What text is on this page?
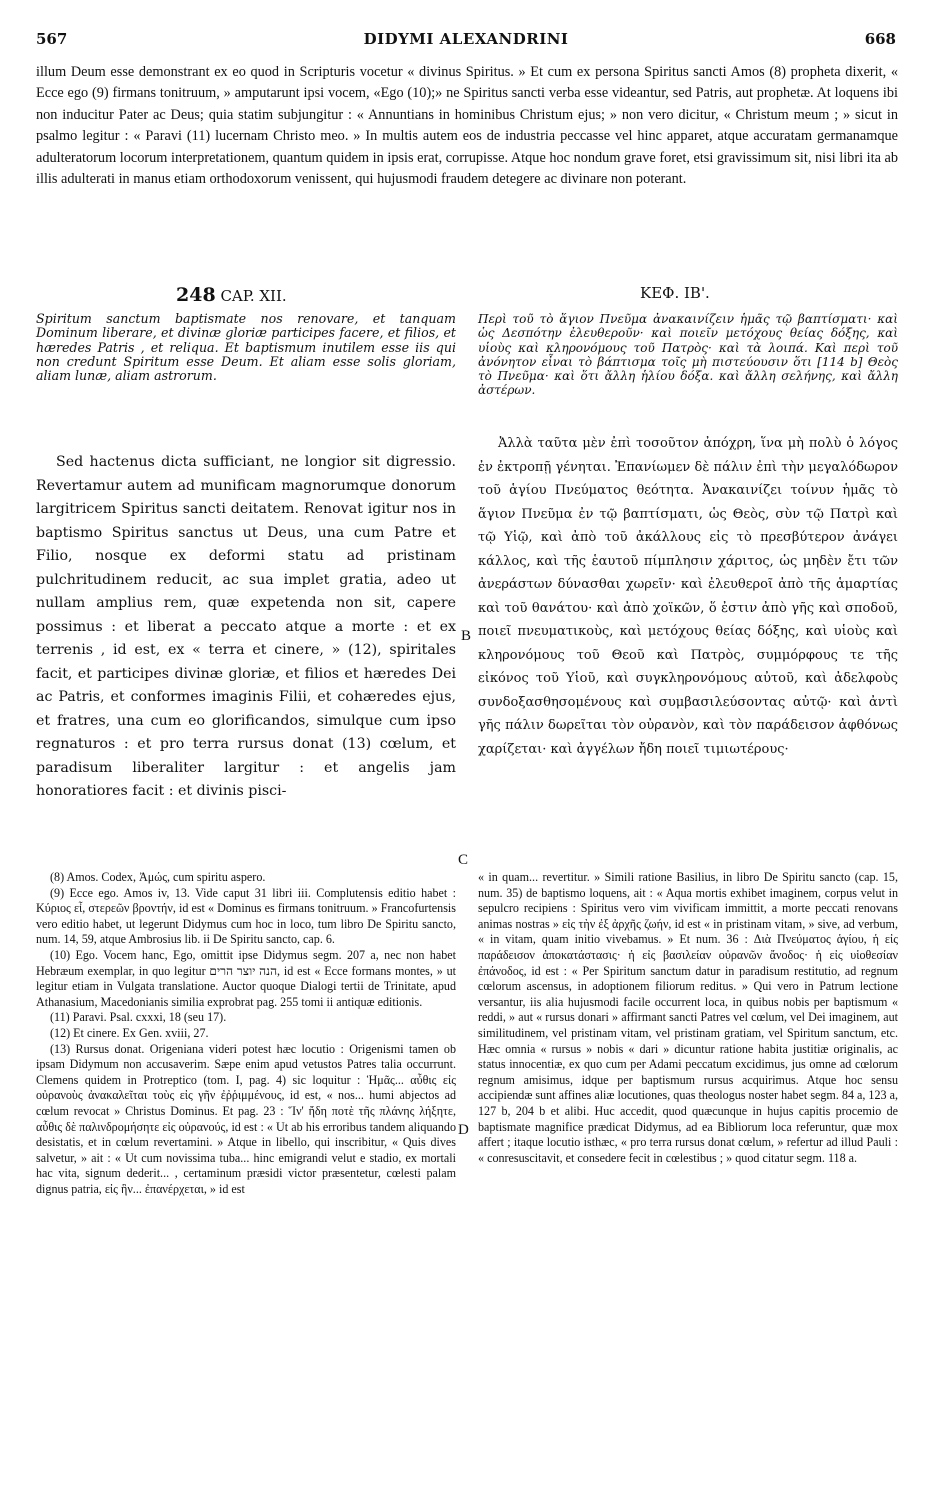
567	DIDYMI ALEXANDRINI	668

illum Deum esse demonstrant ex eo quod in Scripturis vocetur « divinus Spiritus. » Et cum ex persona Spiritus sancti Amos (8) propheta dixerit, « Ecce ego (9) firmans tonitruum, » amputarunt ipsi vocem, «Ego (10);» ne Spiritus sancti verba esse videantur, sed Patris, aut prophetæ. At loquens ibi non inducitur Pater ac Deus; quia statim subjungitur : « Annuntians in hominibus Christum ejus; » non vero dicitur, « Christum meum ; » sicut in psalmo legitur : « Paravi (11) lucernam Christo meo. » In multis autem eos de industria peccasse vel hinc apparet, atque accuratam germanamque adulteratorum locorum interpretationem, quantum quidem in ipsis erat, corrupisse. Atque hoc nondum grave foret, etsi gravissimum sit, nisi libri ita ab illis adulterati in manus etiam orthodoxorum venissent, qui hujusmodi fraudem detegere ac divinare non poterant.

248 CAP. XII.	ΚΕΦ. ΙΒ'.
Spiritum sanctum baptismate nos renovare, et tanquam Dominum liberare, et divinæ gloriæ participes facere, et filios, et hæredes Patris , et reliqua. Et baptismum inutilem esse iis qui non credunt Spiritum esse Deum. Et aliam esse solis gloriam, aliam lunæ, aliam astrorum.
Περὶ τοῦ τὸ ἅγιον Πνεῦμα ἀνακαινίζειν ἡμᾶς τῷ βαπτίσματι· καὶ ὡς Δεσπότην ἐλευθεροῦν· καὶ ποιεῖν μετόχους θείας δόξης, καὶ υἱοὺς καὶ κληρονόμους τοῦ Πατρὸς· καὶ τὰ λοιπά. Καὶ περὶ τοῦ ἀνόνητον εἶναι τὸ βάπτισμα τοῖς μὴ πιστεύουσιν ὅτι [114 b] Θεὸς τὸ Πνεῦμα· καὶ ὅτι ἄλλη ἡλίου δόξα. καὶ ἄλλη σελήνης, καὶ ἄλλη ἀστέρων.

Sed hactenus dicta sufficiant, ne longior sit digressio. Revertamur autem ad munificam magnorumque donorum largitricem Spiritus sancti deitatem. Renovat igitur nos in baptismo Spiritus sanctus ut Deus, una cum Patre et Filio, nosque ex deformi statu ad pristinam pulchritudinem reducit, ac sua implet gratia, adeo ut nullam amplius rem, quæ expetenda non sit, capere possimus : et liberat a peccato atque a morte : et ex terrenis , id est, ex « terra et cinere, » (12), spiritales facit, et participes divinæ gloriæ, et filios et hæredes Dei ac Patris, et conformes imaginis Filii, et cohæredes ejus, et fratres, una cum eo glorificandos, simulque cum ipso regnaturos : et pro terra rursus donat (13) cœlum, et paradisum liberaliter largitur : et angelis jam honoratiores facit : et divinis pisci-

Ἀλλὰ ταῦτα μὲν ἐπὶ τοσοῦτον ἀπόχρη, ἵνα μὴ πολὺ ὁ λόγος ἐν ἐκτροπῇ γένηται. Ἐπανίωμεν δὲ πάλιν ἐπὶ τὴν μεγαλόδωρον τοῦ ἁγίου Πνεύματος θεότητα. Ἀνακαινίζει τοίνυν ἡμᾶς τὸ ἅγιον Πνεῦμα ἐν τῷ βαπτίσματι, ὡς Θεὸς, σὺν τῷ Πατρὶ καὶ τῷ Υἱῷ, καὶ ἀπὸ τοῦ ἀκάλλους εἰς τὸ πρεσβύτερον ἀνάγει κάλλος, καὶ τῆς ἑαυτοῦ πίμπλησιν χάριτος, ὡς μηδὲν ἔτι τῶν ἀνεράστων δύνασθαι χωρεῖν· καὶ ἐλευθεροῖ ἀπὸ τῆς ἁμαρτίας καὶ τοῦ θανάτου· καὶ ἀπὸ χοϊκῶν, ὅ ἐστιν ἀπὸ γῆς καὶ σποδοῦ, ποιεῖ πνευματικοὺς, καὶ μετόχους θείας δόξης, καὶ υἱοὺς καὶ κληρονόμους τοῦ Θεοῦ καὶ Πατρὸς, συμμόρφους τε τῆς εἰκόνος τοῦ Υἱοῦ, καὶ συγκληρονόμους αὐτοῦ, καὶ ἀδελφοὺς συνδοξασθησομένους καὶ συμβασιλεύσοντας αὐτῷ· καὶ ἀντὶ γῆς πάλιν δωρεῖται τὸν οὐρανὸν, καὶ τὸν παράδεισον ἀφθόνως χαρίζεται· καὶ ἀγγέλων ἤδη ποιεῖ τιμιωτέρους·

B
C
D

(8) Amos. Codex, Ἀμώς, cum spiritu aspero.

(9) Ecce ego. Amos iv, 13. Vide caput 31 libri iii. Complutensis editio habet : Κύριος εἶ, στερεῶν βροντήν, id est « Dominus es firmans tonitruum. » Francofurtensis vero editio habet, ut legerunt Didymus cum hoc in loco, tum libro De Spiritu sancto, num. 14, 59, atque Ambrosius lib. ii De Spiritu sancto, cap. 6.

(10) Ego. Vocem hanc, Ego, omittit ipse Didymus segm. 207 a, nec non habet Hebræum exemplar, in quo legitur הנה יוצר הרים, id est « Ecce formans montes, » ut legitur etiam in Vulgata translatione. Auctor quoque Dialogi tertii de Trinitate, apud Athanasium, Macedonianis similia exprobrat pag. 255 tomi ii antiquæ editionis.

(11) Paravi. Psal. cxxxi, 18 (seu 17).

(12) Et cinere. Ex Gen. xviii, 27.

(13) Rursus donat. Origeniana videri potest hæc locutio : Origenismi tamen ob ipsam Didymum non accusaverim. Sæpe enim apud vetustos Patres talia occurrunt. Clemens quidem in Protreptico (tom. I, pag. 4) sic loquitur : Ἡμᾶς... αὖθις εἰς οὐρανοὺς ἀνακαλεῖται τοὺς εἰς γῆν ἐῤῥιμμένους, id est, « nos... humi abjectos ad cœlum revocat » Christus Dominus. Et pag. 23 : Ἵν' ἤδη ποτὲ τῆς πλάνης λήξητε, αὖθις δὲ παλινδρομήσητε εἰς οὐρανούς, id est : « Ut ab his erroribus tandem aliquando desistatis, et in cœlum revertamini. » Atque in libello, qui inscribitur, « Quis dives salvetur, » ait : « Ut cum novissima tuba... hinc emigrandi velut e stadio, ex mortali hac vita, signum dederit... , certaminum præsidi victor præsentetur, cœlesti palam dignus patria, εἰς ἣν... ἐπανέρχεται, » id est

« in quam... revertitur. » Simili ratione Basilius, in libro De Spiritu sancto (cap. 15, num. 35) de baptismo loquens, ait : « Aqua mortis exhibet imaginem, corpus velut in sepulcro recipiens : Spiritus vero vim vivificam immittit, a morte peccati renovans animas nostras » εἰς τὴν ἐξ ἀρχῆς ζωήν, id est « in pristinam vitam, » sive, ad verbum, « in vitam, quam initio vivebamus. » Et num. 36 : Διὰ Πνεύματος ἁγίου, ἡ εἰς παράδεισον ἀποκατάστασις· ἡ εἰς βασιλείαν οὐρανῶν ἄνοδος· ἡ εἰς υἱοθεσίαν ἐπάνοδος, id est : « Per Spiritum sanctum datur in paradisum restitutio, ad regnum cœlorum ascensus, in adoptionem filiorum reditus. » Qui vero in Patrum lectione versantur, iis alia hujusmodi facile occurrent loca, in quibus nobis per baptismum « reddi, » aut « rursus donari » affirmant sancti Patres vel cœlum, vel Dei imaginem, aut similitudinem, vel pristinam vitam, vel pristinam gratiam, vel Spiritum sanctum, etc. Hæc omnia « rursus » nobis « dari » dicuntur ratione habita justitiæ originalis, ac status innocentiæ, ex quo cum per Adami peccatum excidimus, jus omne ad cœlorum regnum amisimus, idque per baptismum rursus acquirimus. Atque hoc sensu accipiendæ sunt affines aliæ locutiones, quas theologus noster habet segm. 84 a, 123 a, 127 b, 204 b et alibi. Huc accedit, quod quæcunque in hujus capitis procemio de baptismate magnifice prædicat Didymus, ad ea Bibliorum loca referuntur, quæ mox affert ; itaque locutio isthæc, « pro terra rursus donat cœlum, » refertur ad illud Pauli : « conresuscitavit, et consedere fecit in cœlestibus ; » quod citatur segm. 118 a.
